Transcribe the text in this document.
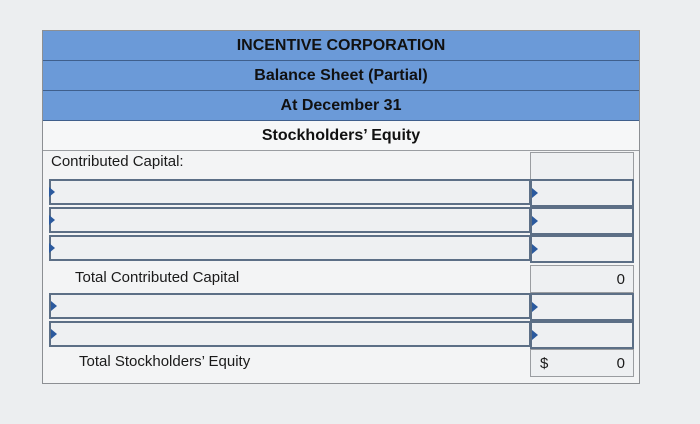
INCENTIVE CORPORATION
Balance Sheet (Partial)
At December 31
Stockholders’ Equity
Contributed Capital:
Total Contributed Capital	0
Total Stockholders’ Equity	0
$
